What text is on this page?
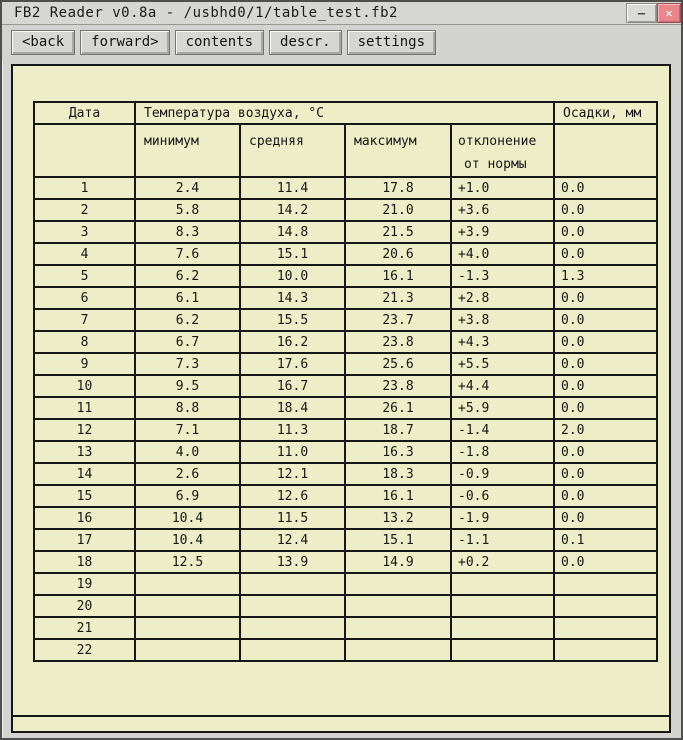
FB2 Reader v0.8a - /usbhd0/1/table_test.fb2	– ✕
<back	forward>	contents	descr.	settings
Дата	Температура воздуха, °C				Осадки, мм
	минимум	средняя	максимум	отклонение
от нормы	

1	2.4	11.4	17.8	+1.0	0.0
2	5.8	14.2	21.0	+3.6	0.0
3	8.3	14.8	21.5	+3.9	0.0
4	7.6	15.1	20.6	+4.0	0.0
5	6.2	10.0	16.1	-1.3	1.3
6	6.1	14.3	21.3	+2.8	0.0
7	6.2	15.5	23.7	+3.8	0.0
8	6.7	16.2	23.8	+4.3	0.0
9	7.3	17.6	25.6	+5.5	0.0
10	9.5	16.7	23.8	+4.4	0.0
11	8.8	18.4	26.1	+5.9	0.0
12	7.1	11.3	18.7	-1.4	2.0
13	4.0	11.0	16.3	-1.8	0.0
14	2.6	12.1	18.3	-0.9	0.0
15	6.9	12.6	16.1	-0.6	0.0
16	10.4	11.5	13.2	-1.9	0.0
17	10.4	12.4	15.1	-1.1	0.1
18	12.5	13.9	14.9	+0.2	0.0
19					
20					
21					
22					
